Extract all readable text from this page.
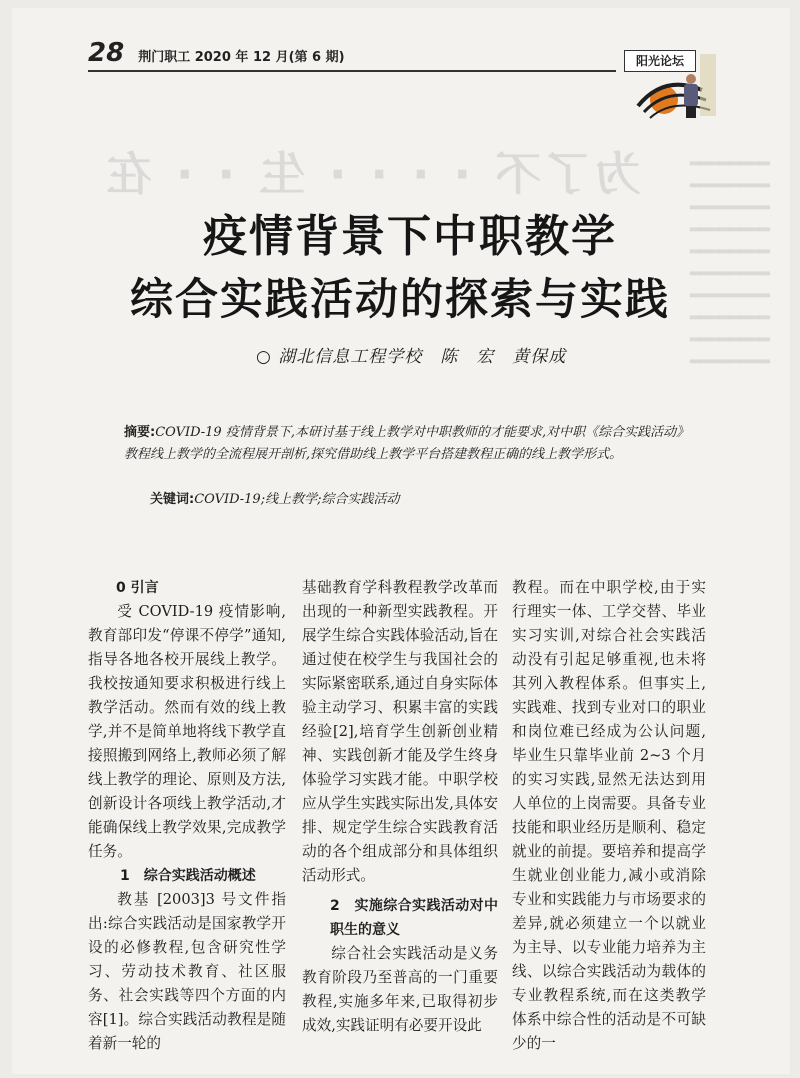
为了不 · · · · 生 · · 在	▂▂▂▂▂▂▂▂
▂▂▂▂▂▂▂▂
▂▂▂▂▂▂▂▂
▂▂▂▂▂▂▂▂
▂▂▂▂▂▂▂▂
▂▂▂▂▂▂▂▂
▂▂▂▂▂▂▂▂
▂▂▂▂▂▂▂▂
▂▂▂▂▂▂▂▂
▂▂▂▂▂▂▂▂
28 荆门职工 2020 年 12 月(第 6 期)	阳光论坛
疫情背景下中职教学
综合实践活动的探索与实践
○ 湖北信息工程学校　陈　宏　黄保成
摘要:COVID-19 疫情背景下,本研讨基于线上教学对中职教师的才能要求,对中职《综合实践活动》教程线上教学的全流程展开剖析,探究借助线上教学平台搭建教程正确的线上教学形式。
关键词:COVID-19;线上教学;综合实践活动
0 引言

受 COVID-19 疫情影响,教育部印发“停课不停学”通知,指导各地各校开展线上教学。我校按通知要求积极进行线上教学活动。然而有效的线上教学,并不是简单地将线下教学直接照搬到网络上,教师必须了解线上教学的理论、原则及方法,创新设计各项线上教学活动,才能确保线上教学效果,完成教学任务。

1　综合实践活动概述

教基 [2003]3 号文件指出:综合实践活动是国家教学开设的必修教程,包含研究性学习、劳动技术教育、社区服务、社会实践等四个方面的内容[1]。综合实践活动教程是随着新一轮的

基础教育学科教程教学改革而出现的一种新型实践教程。开展学生综合实践体验活动,旨在通过使在校学生与我国社会的实际紧密联系,通过自身实际体验主动学习、积累丰富的实践经验[2],培育学生创新创业精神、实践创新才能及学生终身体验学习实践才能。中职学校应从学生实践实际出发,具体安排、规定学生综合实践教育活动的各个组成部分和具体组织活动形式。

2　实施综合实践活动对中职生的意义

综合社会实践活动是义务教育阶段乃至普高的一门重要教程,实施多年来,已取得初步成效,实践证明有必要开设此

教程。而在中职学校,由于实行理实一体、工学交替、毕业实习实训,对综合社会实践活动没有引起足够重视,也未将其列入教程体系。但事实上,实践难、找到专业对口的职业和岗位难已经成为公认问题,毕业生只靠毕业前 2~3 个月的实习实践,显然无法达到用人单位的上岗需要。具备专业技能和职业经历是顺利、稳定就业的前提。要培养和提高学生就业创业能力,减小或消除专业和实践能力与市场要求的差异,就必须建立一个以就业为主导、以专业能力培养为主线、以综合实践活动为载体的专业教程系统,而在这类教学体系中综合性的活动是不可缺少的一
